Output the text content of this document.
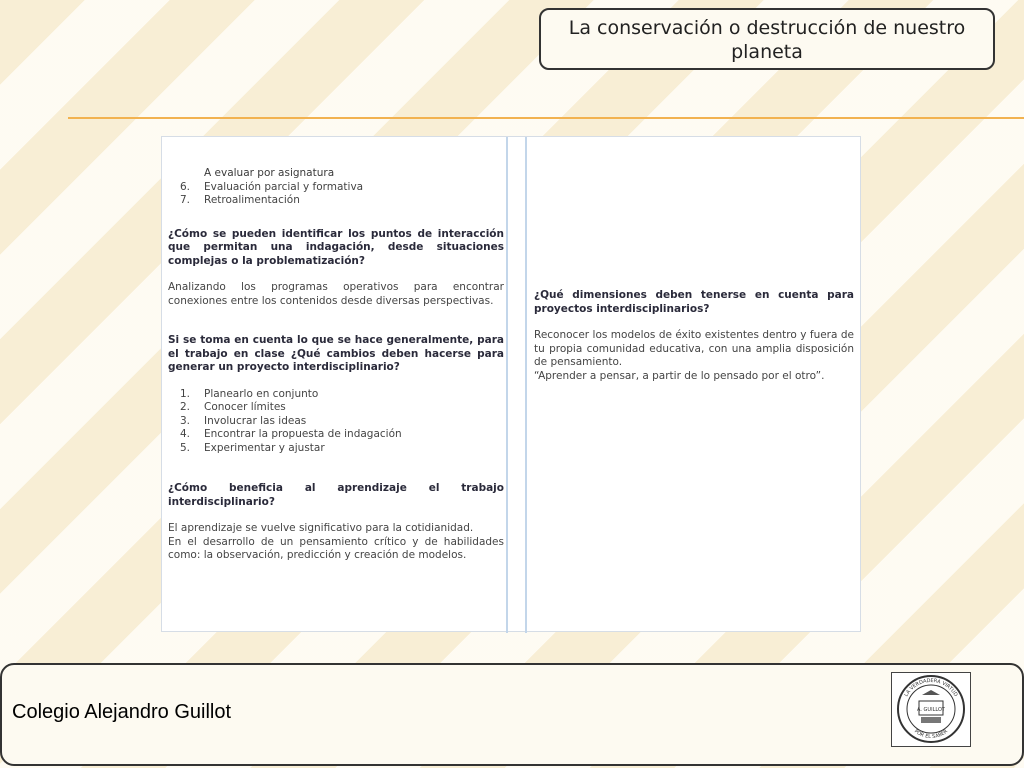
La conservación o destrucción de nuestro
planeta

A evaluar por asignatura

6. Evaluación parcial y formativa
7. Retroalimentación

¿Cómo se pueden identificar los puntos de interacción que permitan una indagación, desde situaciones complejas o la problematización?

Analizando los programas operativos para encontrar conexiones entre los contenidos desde diversas perspectivas.

Si se toma en cuenta lo que se hace generalmente, para el trabajo en clase ¿Qué cambios deben hacerse para generar un proyecto interdisciplinario?

1. Planearlo en conjunto
2. Conocer límites
3. Involucrar las ideas
4. Encontrar la propuesta de indagación
5. Experimentar y ajustar

¿Cómo beneficia al aprendizaje el trabajo interdisciplinario?

El aprendizaje se vuelve significativo para la cotidianidad.

En el desarrollo de un pensamiento crítico y de habilidades como: la observación, predicción y creación de modelos.

¿Qué dimensiones deben tenerse en cuenta para proyectos interdisciplinarios?

Reconocer los modelos de éxito existentes dentro y fuera de tu propia comunidad educativa, con una amplia disposición de pensamiento.

“Aprender a pensar, a partir de lo pensado por el otro”.

Colegio Alejandro Guillot
LA VERDADERA VIRTUD
POR EL SABER
A. GUILLOT
